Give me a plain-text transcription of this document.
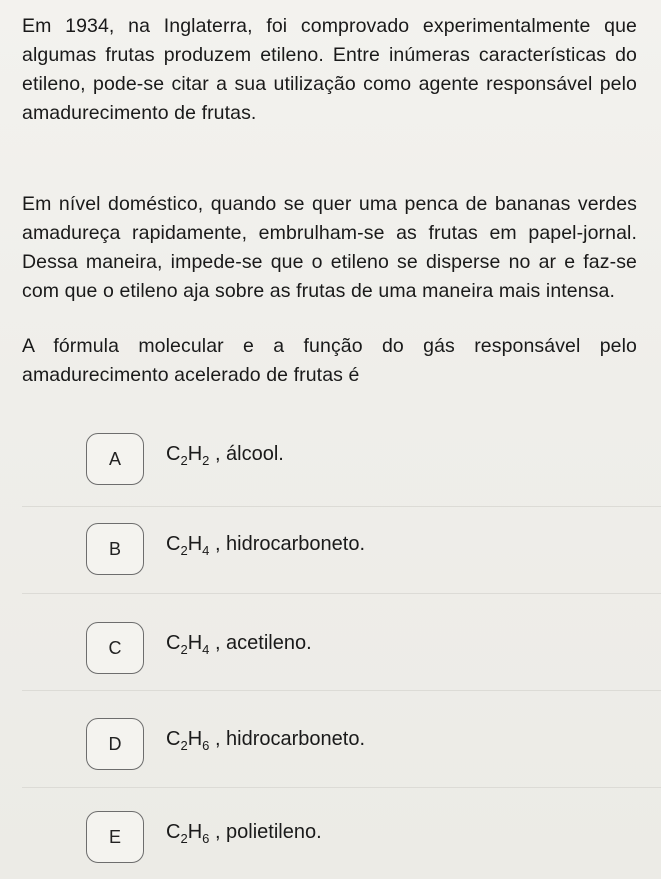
Em 1934, na Inglaterra, foi comprovado experimentalmente que algumas frutas produzem etileno. Entre inúmeras características do etileno, pode-se citar a sua utilização como agente responsável pelo amadurecimento de frutas.

Em nível doméstico, quando se quer uma penca de bananas verdes amadureça rapidamente, embrulham-se as frutas em papel-jornal. Dessa maneira, impede-se que o etileno se disperse no ar e faz-se com que o etileno aja sobre as frutas de uma maneira mais intensa.

A fórmula molecular e a função do gás responsável pelo amadurecimento acelerado de frutas é

A	$C_2H_2$ , álcool.
B	$C_2H_4$ , hidrocarboneto.
C	$C_2H_4$ , acetileno.
D	$C_2H_6$ , hidrocarboneto.
E	$C_2H_6$ , polietileno.
